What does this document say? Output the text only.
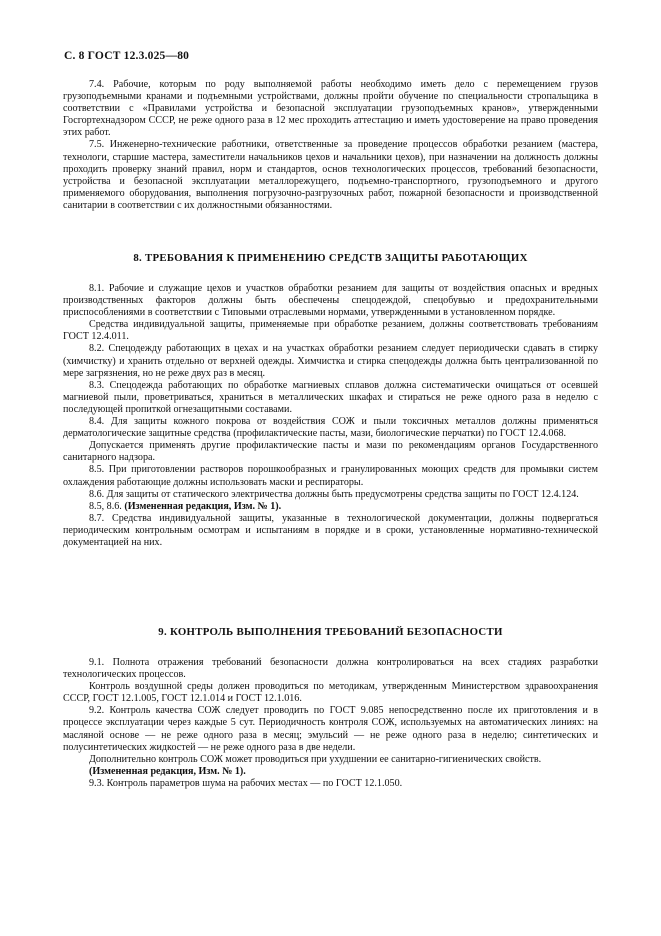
С. 8 ГОСТ 12.3.025—80

7.4. Рабочие, которым по роду выполняемой работы необходимо иметь дело с перемещением грузов грузоподъемными кранами и подъемными устройствами, должны пройти обучение по специальности стропальщика в соответствии с «Правилами устройства и безопасной эксплуатации грузоподъемных кранов», утвержденными Госгортехнадзором СССР, не реже одного раза в 12 мес проходить аттестацию и иметь удостоверение на право проведения этих работ.

7.5. Инженерно-технические работники, ответственные за проведение процессов обработки резанием (мастера, технологи, старшие мастера, заместители начальников цехов и начальники цехов), при назначении на должность должны проходить проверку знаний правил, норм и стандартов, основ технологических процессов, требований безопасности, устройства и безопасной эксплуатации металлорежущего, подъемно-транспортного, грузоподъемного и другого применяемого оборудования, выполнения погрузочно-разгрузочных работ, пожарной безопасности и производственной санитарии в соответствии с их должностными обязанностями.

8. ТРЕБОВАНИЯ К ПРИМЕНЕНИЮ СРЕДСТВ ЗАЩИТЫ РАБОТАЮЩИХ

8.1. Рабочие и служащие цехов и участков обработки резанием для защиты от воздействия опасных и вредных производственных факторов должны быть обеспечены спецодеждой, спецобувью и предохранительными приспособлениями в соответствии с Типовыми отраслевыми нормами, утвержденными в установленном порядке.

Средства индивидуальной защиты, применяемые при обработке резанием, должны соответствовать требованиям ГОСТ 12.4.011.

8.2. Спецодежду работающих в цехах и на участках обработки резанием следует периодически сдавать в стирку (химчистку) и хранить отдельно от верхней одежды. Химчистка и стирка спецодежды должна быть централизованной по мере загрязнения, но не реже двух раз в месяц.

8.3. Спецодежда работающих по обработке магниевых сплавов должна систематически очищаться от осевшей магниевой пыли, проветриваться, храниться в металлических шкафах и стираться не реже одного раза в неделю с последующей пропиткой огнезащитными составами.

8.4. Для защиты кожного покрова от воздействия СОЖ и пыли токсичных металлов должны применяться дерматологические защитные средства (профилактические пасты, мази, биологические перчатки) по ГОСТ 12.4.068.

Допускается применять другие профилактические пасты и мази по рекомендациям органов Государственного санитарного надзора.

8.5. При приготовлении растворов порошкообразных и гранулированных моющих средств для промывки систем охлаждения работающие должны использовать маски и респираторы.

8.6. Для защиты от статического электричества должны быть предусмотрены средства защиты по ГОСТ 12.4.124.

8.5, 8.6. (Измененная редакция, Изм. № 1).

8.7. Средства индивидуальной защиты, указанные в технологической документации, должны подвергаться периодическим контрольным осмотрам и испытаниям в порядке и в сроки, установленные нормативно-технической документацией на них.

9. КОНТРОЛЬ ВЫПОЛНЕНИЯ ТРЕБОВАНИЙ БЕЗОПАСНОСТИ

9.1. Полнота отражения требований безопасности должна контролироваться на всех стадиях разработки технологических процессов.

Контроль воздушной среды должен проводиться по методикам, утвержденным Министерством здравоохранения СССР, ГОСТ 12.1.005, ГОСТ 12.1.014 и ГОСТ 12.1.016.

9.2. Контроль качества СОЖ следует проводить по ГОСТ 9.085 непосредственно после их приготовления и в процессе эксплуатации через каждые 5 сут. Периодичность контроля СОЖ, используемых на автоматических линиях: на масляной основе — не реже одного раза в месяц; эмульсий — не реже одного раза в неделю; синтетических и полусинтетических жидкостей — не реже одного раза в две недели.

Дополнительно контроль СОЖ может проводиться при ухудшении ее санитарно-гигиенических свойств.

(Измененная редакция, Изм. № 1).

9.3. Контроль параметров шума на рабочих местах — по ГОСТ 12.1.050.
